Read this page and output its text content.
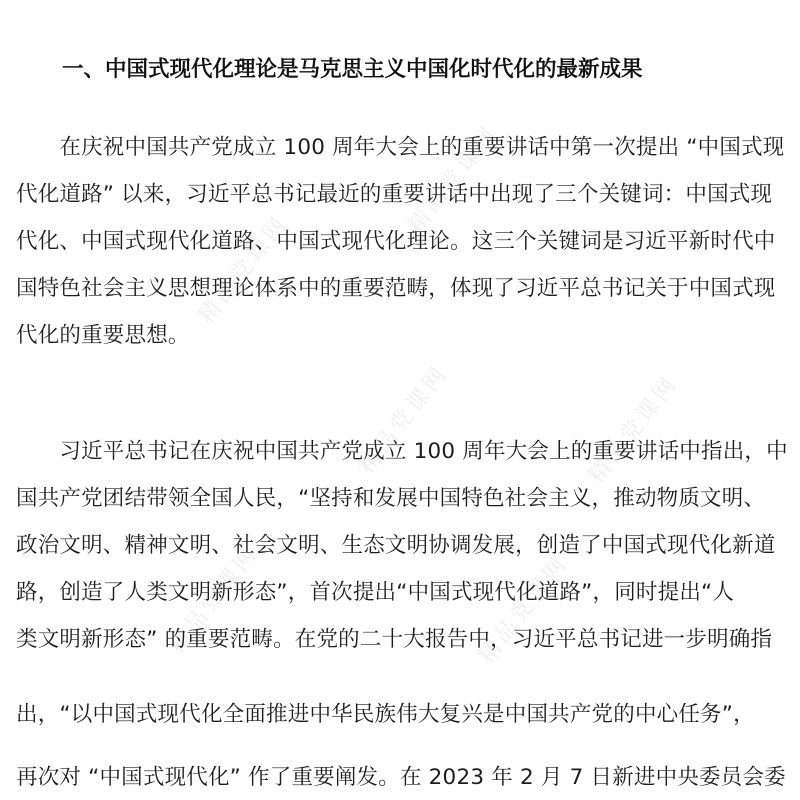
精品党课网
精品党课网
精品党课网	精品党课网
精品党课网	精品党课网
一、中国式现代化理论是马克思主义中国化时代化的最新成果
　　在庆祝中国共产党成立 100 周年大会上的重要讲话中第一次提出 “中国式现
代化道路” 以来，习近平总书记最近的重要讲话中出现了三个关键词：中国式现
代化、中国式现代化道路、中国式现代化理论。这三个关键词是习近平新时代中
国特色社会主义思想理论体系中的重要范畴，体现了习近平总书记关于中国式现
代化的重要思想。
　　习近平总书记在庆祝中国共产党成立 100 周年大会上的重要讲话中指出，中
国共产党团结带领全国人民，“坚持和发展中国特色社会主义，推动物质文明、
政治文明、精神文明、社会文明、生态文明协调发展，创造了中国式现代化新道
路，创造了人类文明新形态”，首次提出“中国式现代化道路”，同时提出“人
类文明新形态” 的重要范畴。在党的二十大报告中，习近平总书记进一步明确指
出，“以中国式现代化全面推进中华民族伟大复兴是中国共产党的中心任务”，
再次对 “中国式现代化” 作了重要阐发。在 2023 年 2 月 7 日新进中央委员会委
